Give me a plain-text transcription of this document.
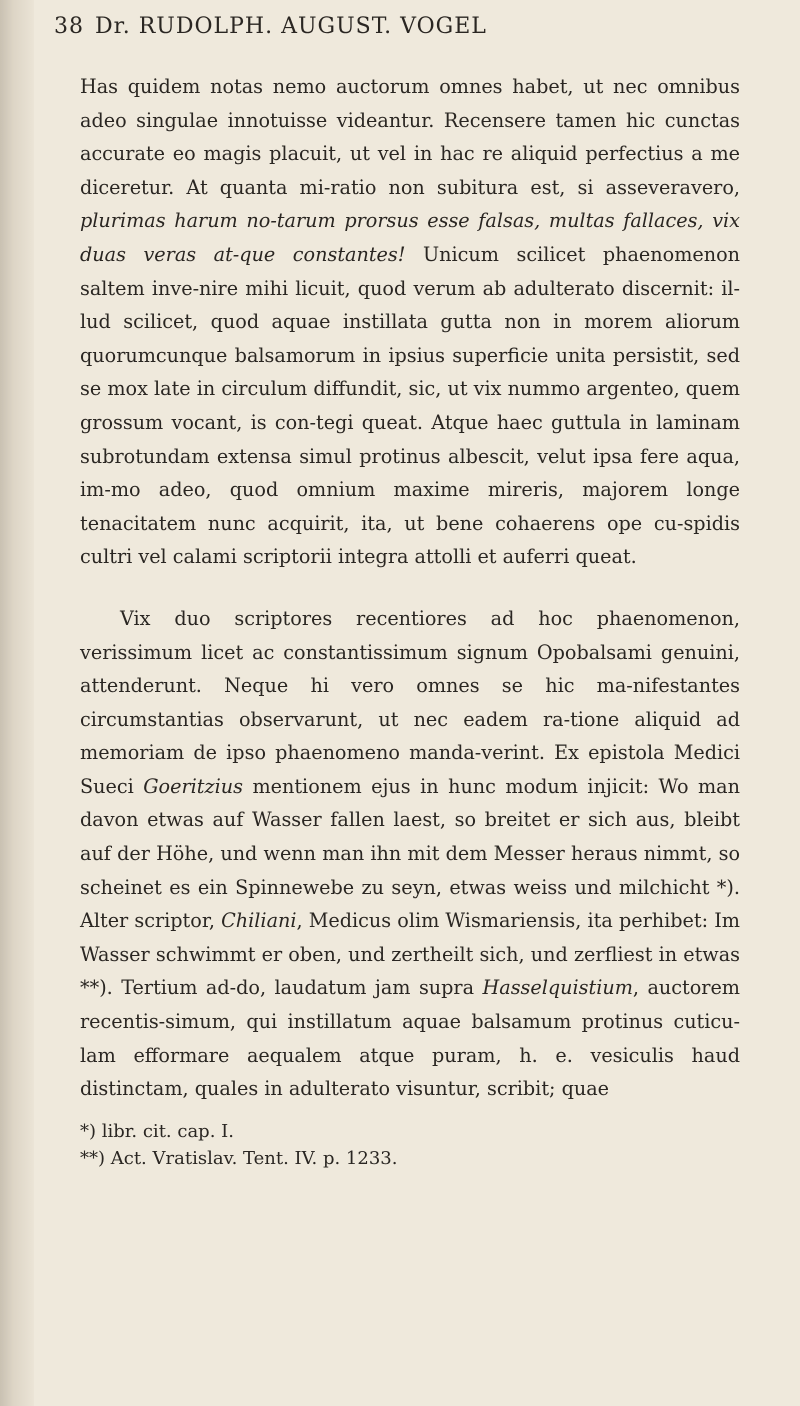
38 Dr. RUDOLPH. AUGUST. VOGEL

Has quidem notas nemo auctorum omnes habet, ut nec omnibus adeo singulae innotuisse videantur. Recensere tamen hic cunctas accurate eo magis placuit, ut vel in hac re aliquid perfectius a me diceretur. At quanta mi-ratio non subitura est, si asseveravero, plurimas harum no-tarum prorsus esse falsas, multas fallaces, vix duas veras at-que constantes! Unicum scilicet phaenomenon saltem inve-nire mihi licuit, quod verum ab adulterato discernit: il-lud scilicet, quod aquae instillata gutta non in morem aliorum quorumcunque balsamorum in ipsius superficie unita persistit, sed se mox late in circulum diffundit, sic, ut vix nummo argenteo, quem grossum vocant, is con-tegi queat. Atque haec guttula in laminam subrotundam extensa simul protinus albescit, velut ipsa fere aqua, im-mo adeo, quod omnium maxime mireris, majorem longe tenacitatem nunc acquirit, ita, ut bene cohaerens ope cu-spidis cultri vel calami scriptorii integra attolli et auferri queat.

Vix duo scriptores recentiores ad hoc phaenomenon, verissimum licet ac constantissimum signum Opobalsami genuini, attenderunt. Neque hi vero omnes se hic ma-nifestantes circumstantias observarunt, ut nec eadem ra-tione aliquid ad memoriam de ipso phaenomeno manda-verint. Ex epistola Medici Sueci Goeritzius mentionem ejus in hunc modum injicit: Wo man davon etwas auf Wasser fallen laest, so breitet er sich aus, bleibt auf der Höhe, und wenn man ihn mit dem Messer heraus nimmt, so scheinet es ein Spinnewebe zu seyn, etwas weiss und milchicht *). Alter scriptor, Chiliani, Medicus olim Wismariensis, ita perhibet: Im Wasser schwimmt er oben, und zertheilt sich, und zerfliest in etwas **). Tertium ad-do, laudatum jam supra Hasselquistium, auctorem recentis-simum, qui instillatum aquae balsamum protinus cuticu-lam efformare aequalem atque puram, h. e. vesiculis haud distinctam, quales in adulterato visuntur, scribit; quae

*) libr. cit. cap. I.

**) Act. Vratislav. Tent. IV. p. 1233.
